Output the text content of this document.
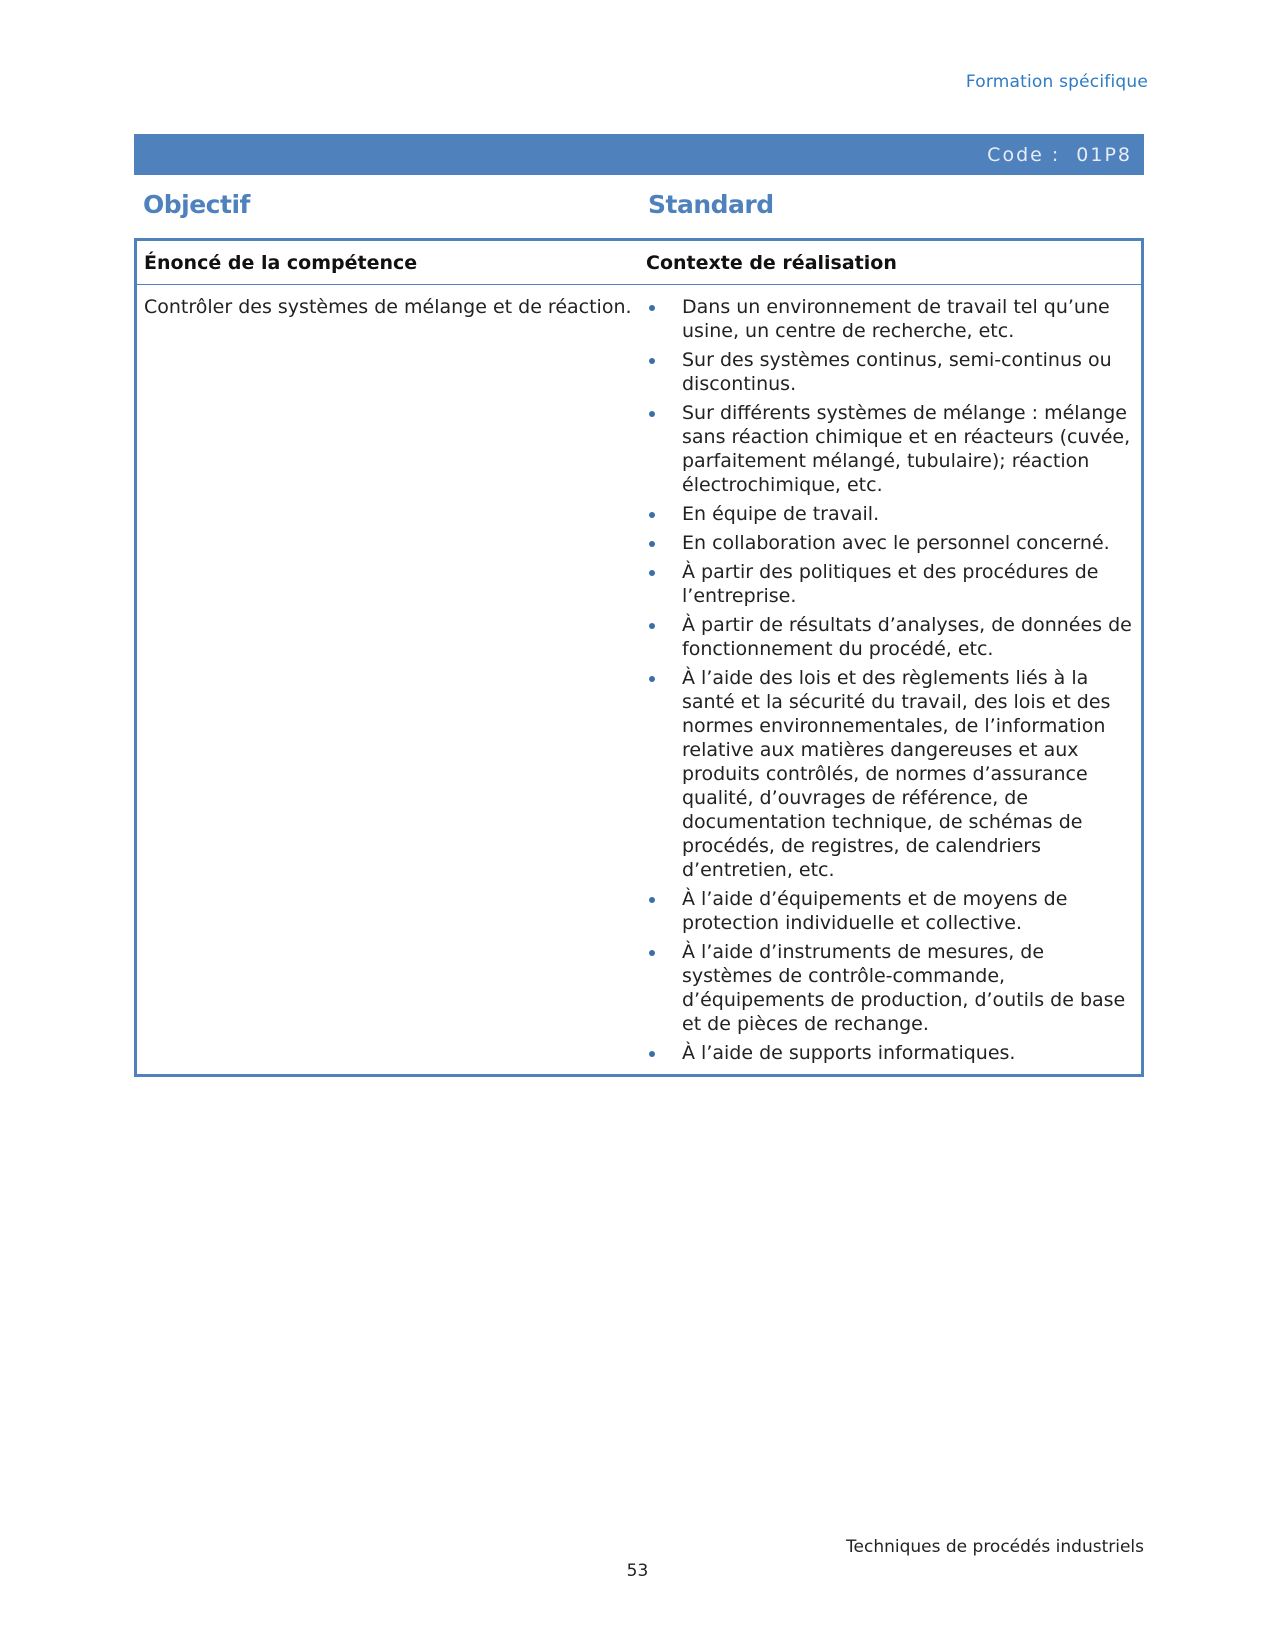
Formation spécifique
Code : 01P8
Objectif	Standard
Énoncé de la compétence	Contexte de réalisation
Contrôler des systèmes de mélange et de réaction.	Dans un environnement de travail tel qu’une usine, un centre de recherche, etc.
Sur des systèmes continus, semi-continus ou discontinus.
Sur différents systèmes de mélange : mélange sans réaction chimique et en réacteurs (cuvée, parfaitement mélangé, tubulaire); réaction électrochimique, etc.
En équipe de travail.
En collaboration avec le personnel concerné.
À partir des politiques et des procédures de l’entreprise.
À partir de résultats d’analyses, de données de fonctionnement du procédé, etc.
À l’aide des lois et des règlements liés à la santé et la sécurité du travail, des lois et des normes environnementales, de l’information relative aux matières dangereuses et aux produits contrôlés, de normes d’assurance qualité, d’ouvrages de référence, de documentation technique, de schémas de procédés, de registres, de calendriers d’entretien, etc.
À l’aide d’équipements et de moyens de protection individuelle et collective.
À l’aide d’instruments de mesures, de systèmes de contrôle-commande, d’équipements de production, d’outils de base et de pièces de rechange.
À l’aide de supports informatiques.
Techniques de procédés industriels
53
